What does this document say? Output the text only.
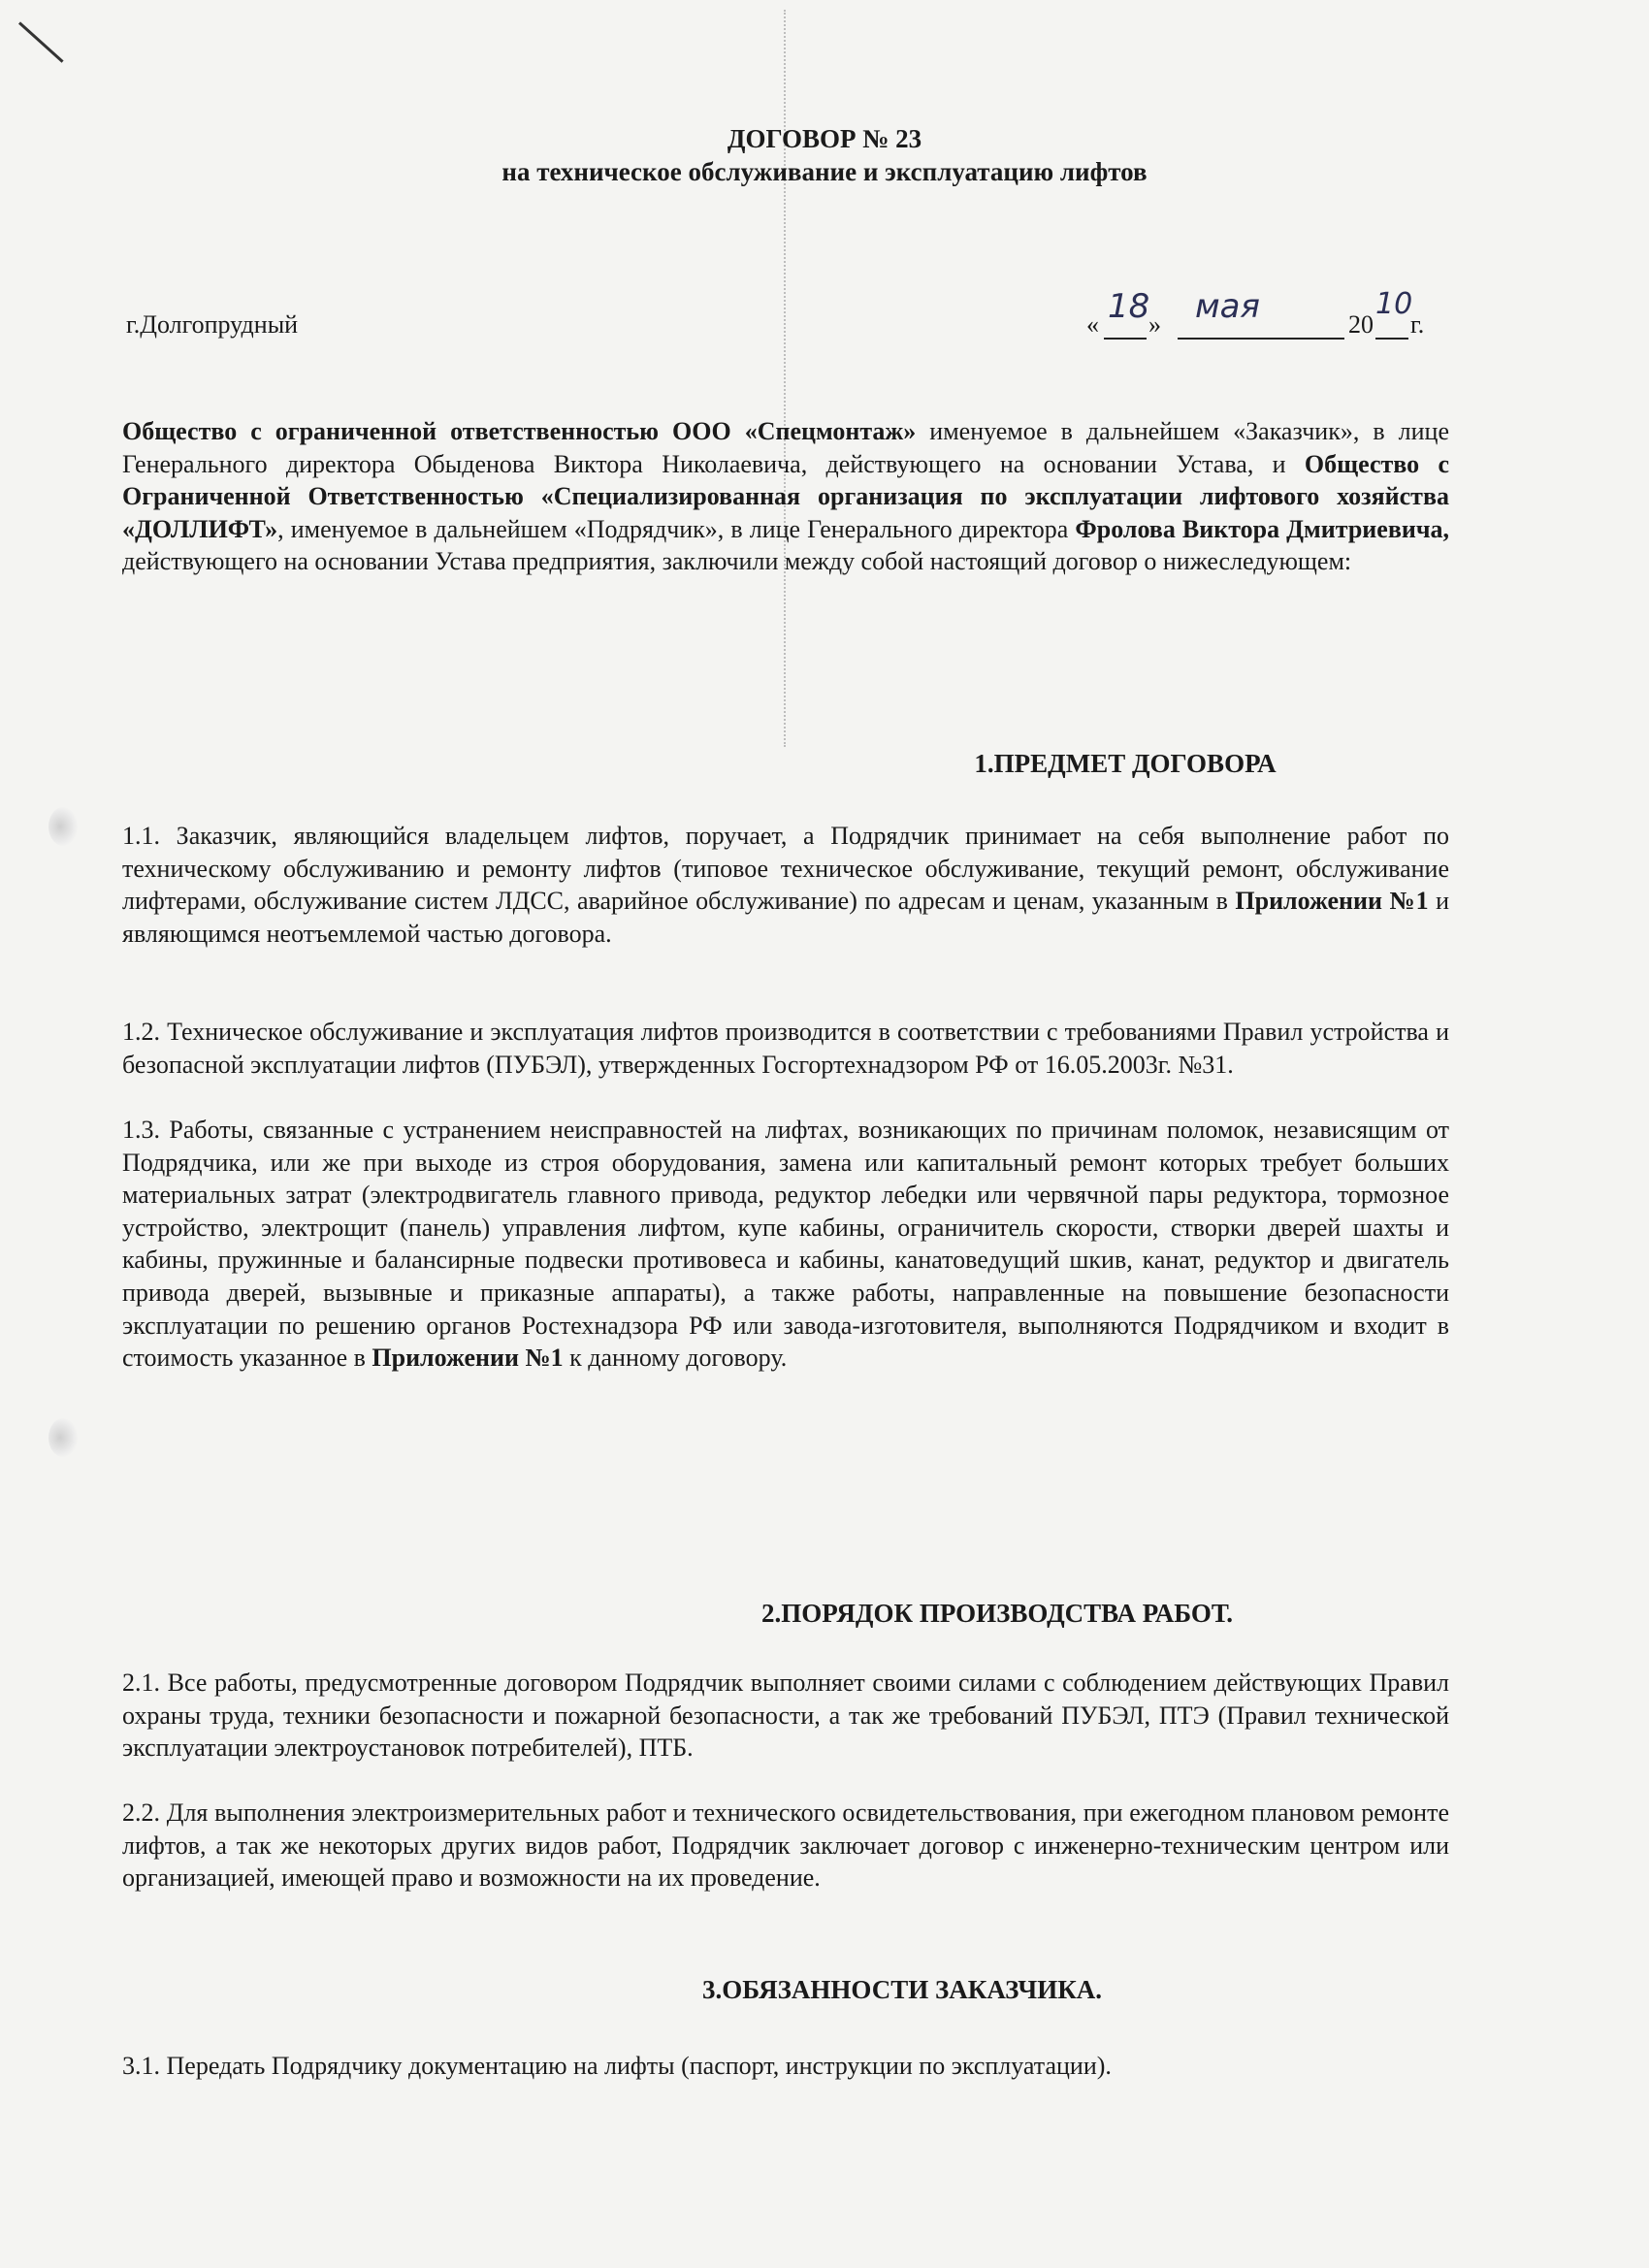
ДОГОВОР № 23
на техническое обслуживание и эксплуатацию лифтов
г.Долгопрудный	« 18
» мая	20
10
г.
Общество с ограниченной ответственностью ООО «Спецмонтаж» именуемое в дальнейшем «Заказчик», в лице Генерального директора Обыденова Виктора Николаевича, действующего на основании Устава, и Общество с Ограниченной Ответственностью «Специализированная организация по эксплуатации лифтового хозяйства «ДОЛЛИФТ», именуемое в дальнейшем «Подрядчик», в лице Генерального директора Фролова Виктора Дмитриевича, действующего на основании Устава предприятия, заключили между собой настоящий договор о нижеследующем:
1.ПРЕДМЕТ ДОГОВОРА
1.1. Заказчик, являющийся владельцем лифтов, поручает, а Подрядчик принимает на себя выполнение работ по техническому обслуживанию и ремонту лифтов (типовое техническое обслуживание, текущий ремонт, обслуживание лифтерами, обслуживание систем ЛДСС, аварийное обслуживание) по адресам и ценам, указанным в Приложении №1 и являющимся неотъемлемой частью договора.
1.2. Техническое обслуживание и эксплуатация лифтов производится в соответствии с требованиями Правил устройства и безопасной эксплуатации лифтов (ПУБЭЛ), утвержденных Госгортехнадзором РФ от 16.05.2003г. №31.
1.3. Работы, связанные с устранением неисправностей на лифтах, возникающих по причинам поломок, независящим от Подрядчика, или же при выходе из строя оборудования, замена или капитальный ремонт которых требует больших материальных затрат (электродвигатель главного привода, редуктор лебедки или червячной пары редуктора, тормозное устройство, электрощит (панель) управления лифтом, купе кабины, ограничитель скорости, створки дверей шахты и кабины, пружинные и балансирные подвески противовеса и кабины, канатоведущий шкив, канат, редуктор и двигатель привода дверей, вызывные и приказные аппараты), а также работы, направленные на повышение безопасности эксплуатации по решению органов Ростехнадзора РФ или завода-изготовителя, выполняются Подрядчиком и входит в стоимость указанное в Приложении №1 к данному договору.
2.ПОРЯДОК ПРОИЗВОДСТВА РАБОТ.
2.1. Все работы, предусмотренные договором Подрядчик выполняет своими силами с соблюдением действующих Правил охраны труда, техники безопасности и пожарной безопасности, а так же требований ПУБЭЛ, ПТЭ (Правил технической эксплуатации электроустановок потребителей), ПТБ.
2.2. Для выполнения электроизмерительных работ и технического освидетельствования, при ежегодном плановом ремонте лифтов, а так же некоторых других видов работ, Подрядчик заключает договор с инженерно-техническим центром или организацией, имеющей право и возможности на их проведение.
3.ОБЯЗАННОСТИ ЗАКАЗЧИКА.
3.1. Передать Подрядчику документацию на лифты (паспорт, инструкции по эксплуатации).
